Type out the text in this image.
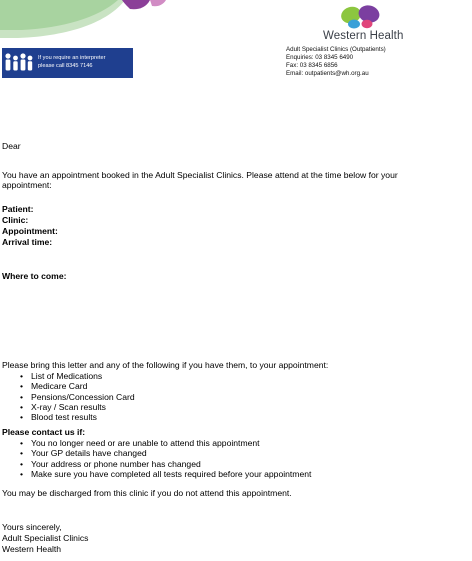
If you require an interpreter
please call 8345 7146
Western Health
Adult Specialist Clinics (Outpatients)
Enquiries: 03 8345 6490
Fax: 03 8345 6856
Email: outpatients@wh.org.au
Dear
You have an appointment booked in the Adult Specialist Clinics. Please attend at the time below for your appointment:
Patient:
Clinic:
Appointment:
Arrival time:
Where to come:
Please bring this letter and any of the following if you have them, to your appointment:
• List of Medications
• Medicare Card
• Pensions/Concession Card
• X-ray / Scan results
• Blood test results
Please contact us if:
• You no longer need or are unable to attend this appointment
• Your GP details have changed
• Your address or phone number has changed
• Make sure you have completed all tests required before your appointment
You may be discharged from this clinic if you do not attend this appointment.
Yours sincerely,
Adult Specialist Clinics
Western Health
